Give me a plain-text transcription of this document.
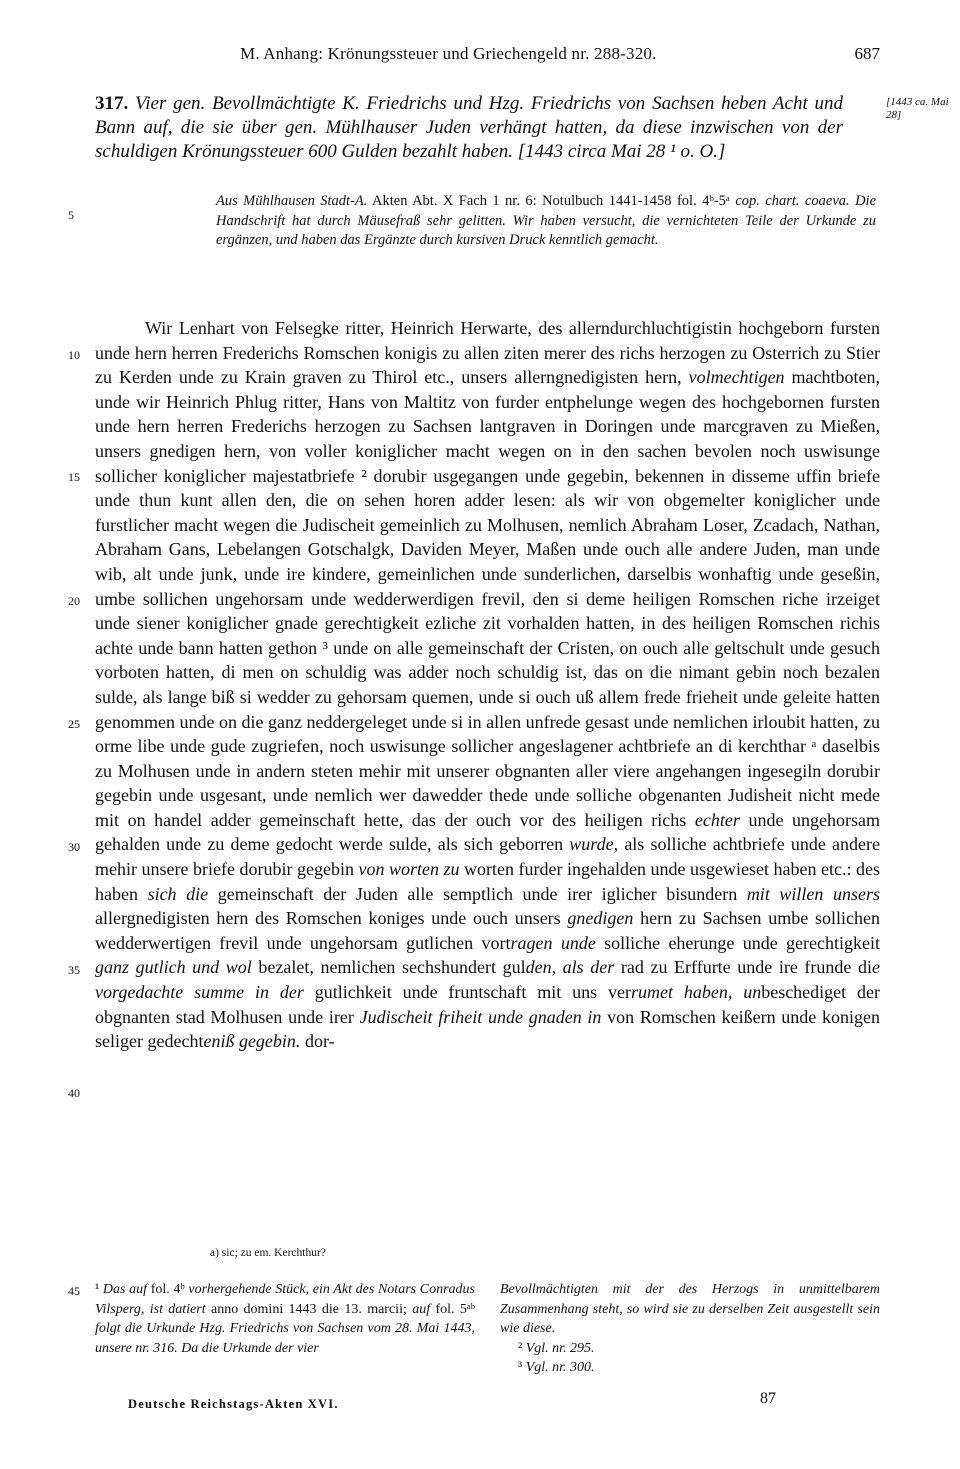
M. Anhang: Krönungssteuer und Griechengeld nr. 288-320.	687
317. Vier gen. Bevollmächtigte K. Friedrichs und Hzg. Friedrichs von Sachsen heben Acht und Bann auf, die sie über gen. Mühlhauser Juden verhängt hatten, da diese inzwischen von der schuldigen Krönungssteuer 600 Gulden bezahlt haben. [1443 circa Mai 28 ¹ o. O.]
[1443 ca. Mai 28]
Aus Mühlhausen Stadt-A. Akten Abt. X Fach 1 nr. 6: Notulbuch 1441-1458 fol. 4ᵇ-5ᵃ cop. chart. coaeva. Die Handschrift hat durch Mäusefraß sehr gelitten. Wir haben versucht, die vernichteten Teile der Urkunde zu ergänzen, und haben das Ergänzte durch kursiven Druck kenntlich gemacht.
5
10
15
20
25
30
35
40
45

Wir Lenhart von Felsegke ritter, Heinrich Herwarte, des allerndurchluchtigistin hochgeborn fursten unde hern herren Frederichs Romschen konigis zu allen ziten merer des richs herzogen zu Osterrich zu Stier zu Kerden unde zu Krain graven zu Thirol etc., unsers allerngnedigisten hern, volmechtigen machtboten, unde wir Heinrich Phlug ritter, Hans von Maltitz von furder entphelunge wegen des hochgebornen fursten unde hern herren Frederichs herzogen zu Sachsen lantgraven in Doringen unde marcgraven zu Mießen, unsers gnedigen hern, von voller koniglicher macht wegen on in den sachen bevolen noch uswisunge sollicher koniglicher majestatbriefe ² dorubir usgegangen unde gegebin, bekennen in disseme uffin briefe unde thun kunt allen den, die on sehen horen adder lesen: als wir von obgemelter koniglicher unde furstlicher macht wegen die Judischeit gemeinlich zu Molhusen, nemlich Abraham Loser, Zcadach, Nathan, Abraham Gans, Lebelangen Gotschalgk, Daviden Meyer, Maßen unde ouch alle andere Juden, man unde wib, alt unde junk, unde ire kindere, gemeinlichen unde sunderlichen, darselbis wonhaftig unde geseßin, umbe sollichen ungehorsam unde wedderwerdigen frevil, den si deme heiligen Romschen riche irzeiget unde siener koniglicher gnade gerechtigkeit ezliche zit vorhalden hatten, in des heiligen Romschen richis achte unde bann hatten gethon ³ unde on alle gemeinschaft der Cristen, on ouch alle geltschult unde gesuch vorboten hatten, di men on schuldig was adder noch schuldig ist, das on die nimant gebin noch bezalen sulde, als lange biß si wedder zu gehorsam quemen, unde si ouch uß allem frede frieheit unde geleite hatten genommen unde on die ganz neddergeleget unde si in allen unfrede gesast unde nemlichen irloubit hatten, zu orme libe unde gude zugriefen, noch uswisunge sollicher angeslagener achtbriefe an di kerchthar ᵃ daselbis zu Molhusen unde in andern steten mehir mit unserer obgnanten aller viere angehangen ingesegiln dorubir gegebin unde usgesant, unde nemlich wer dawedder thede unde solliche obgenanten Judisheit nicht mede mit on handel adder gemeinschaft hette, das der ouch vor des heiligen richs echter unde ungehorsam gehalden unde zu deme gedocht werde sulde, als sich geborren wurde, als solliche achtbriefe unde andere mehir unsere briefe dorubir gegebin von worten zu worten furder ingehalden unde usgewieset haben etc.: des haben sich die gemeinschaft der Juden alle semptlich unde irer iglicher bisundern mit willen unsers allergnedigisten hern des Romschen koniges unde ouch unsers gnedigen hern zu Sachsen umbe sollichen wedderwertigen frevil unde ungehorsam gutlichen vortragen unde solliche eherunge unde gerechtigkeit ganz gutlich und wol bezalet, nemlichen sechshundert gulden, als der rad zu Erffurte unde ire frunde die vorgedachte summe in der gutlichkeit unde fruntschaft mit uns verrumet haben, unbeschediget der obgnanten stad Molhusen unde irer Judischeit friheit unde gnaden in von Romschen keißern unde konigen seliger gedechteniß gegebin. dor-

a) sic; zu em. Kerchthur?
¹ Das auf fol. 4ᵇ vorhergehende Stück, ein Akt des Notars Conradus Vilsperg, ist datiert anno domini 1443 die 13. marcii; auf fol. 5ᵃᵇ folgt die Urkunde Hzg. Friedrichs von Sachsen vom 28. Mai 1443, unsere nr. 316. Da die Urkunde der vier
Bevollmächtigten mit der des Herzogs in unmittelbarem Zusammenhang steht, so wird sie zu derselben Zeit ausgestellt sein wie diese.
² Vgl. nr. 295.
³ Vgl. nr. 300.
Deutsche Reichstags-Akten XVI.	87
